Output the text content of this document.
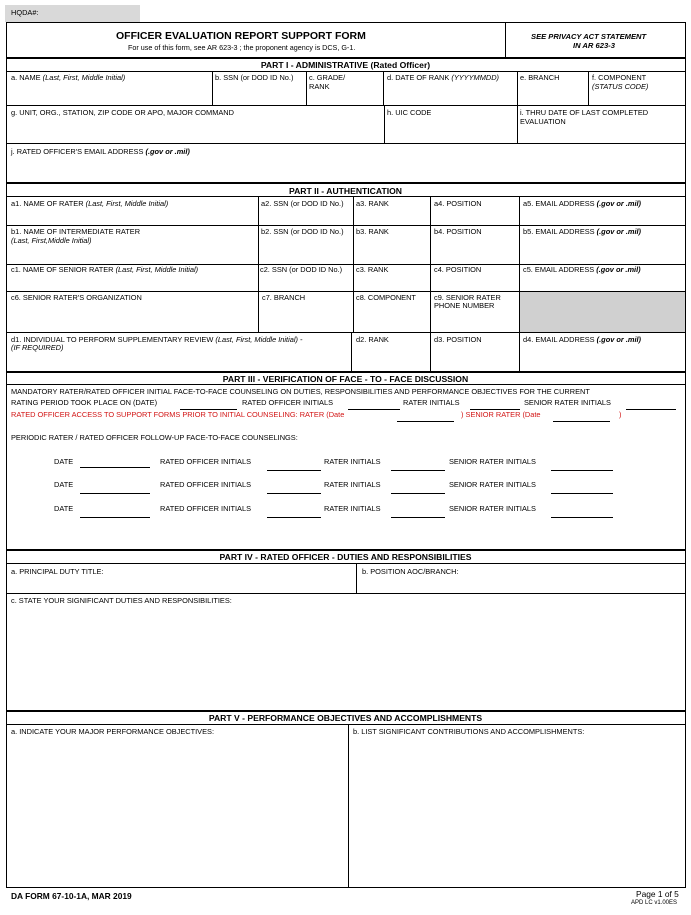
HQDA#:
OFFICER EVALUATION REPORT SUPPORT FORM
For use of this form, see AR 623-3 ; the proponent agency is DCS, G-1.
SEE PRIVACY ACT STATEMENT
IN AR 623-3
PART I - ADMINISTRATIVE (Rated Officer)
a. NAME (Last, First, Middle Initial)	b. SSN (or DOD ID No.) c. GRADE/
RANK
d. DATE OF RANK (YYYYMMDD)	e. BRANCH	f. COMPONENT
(STATUS CODE)
g. UNIT, ORG., STATION, ZIP CODE OR APO, MAJOR COMMAND	h. UIC CODE	i. THRU DATE OF LAST COMPLETED
EVALUATION
j. RATED OFFICER'S EMAIL ADDRESS (.gov or .mil)
PART II - AUTHENTICATION
a1. NAME OF RATER (Last, First, Middle Initial)	a2. SSN (or DOD ID No.) a3. RANK	a4. POSITION	a5. EMAIL ADDRESS (.gov or .mil)
b1. NAME OF INTERMEDIATE RATER
(Last, First,Middle Initial)
b2. SSN (or DOD ID No.) b3. RANK	b4. POSITION	b5. EMAIL ADDRESS (.gov or .mil)
c1. NAME OF SENIOR RATER (Last, First, Middle Initial)	c2. SSN (or DOD ID No.) c3. RANK	c4. POSITION	c5. EMAIL ADDRESS (.gov or .mil)
c6. SENIOR RATER'S ORGANIZATION	c7. BRANCH	c8. COMPONENT c9. SENIOR RATER
PHONE NUMBER
d1. INDIVIDUAL TO PERFORM SUPPLEMENTARY REVIEW (Last, First, Middle Initial) -
(IF REQUIRED)
d2. RANK	d3. POSITION	d4. EMAIL ADDRESS (.gov or .mil)
PART III - VERIFICATION OF FACE - TO - FACE DISCUSSION
MANDATORY RATER/RATED OFFICER INITIAL FACE-TO-FACE COUNSELING ON DUTIES, RESPONSIBILITIES AND PERFORMANCE OBJECTIVES FOR THE CURRENT
RATING PERIOD TOOK PLACE ON (DATE)	RATED OFFICER INITIALS	RATER INITIALS	SENIOR RATER INITIALS
RATED OFFICER ACCESS TO SUPPORT FORMS PRIOR TO INITIAL COUNSELING: RATER (Date	) SENIOR RATER (Date	)
PERIODIC RATER / RATED OFFICER FOLLOW-UP FACE-TO-FACE COUNSELINGS:
DATE	RATED OFFICER INITIALS	RATER INITIALS	SENIOR RATER INITIALS
DATE	RATED OFFICER INITIALS	RATER INITIALS	SENIOR RATER INITIALS
DATE	RATED OFFICER INITIALS	RATER INITIALS	SENIOR RATER INITIALS
PART IV - RATED OFFICER - DUTIES AND RESPONSIBILITIES
a. PRINCIPAL DUTY TITLE:	b. POSITION AOC/BRANCH:
c. STATE YOUR SIGNIFICANT DUTIES AND RESPONSIBILITIES:
PART V - PERFORMANCE OBJECTIVES AND ACCOMPLISHMENTS
a. INDICATE YOUR MAJOR PERFORMANCE OBJECTIVES:	b. LIST SIGNIFICANT CONTRIBUTIONS AND ACCOMPLISHMENTS:
DA FORM 67-10-1A, MAR 2019	Page 1 of 5
APD LC v1.00ES
